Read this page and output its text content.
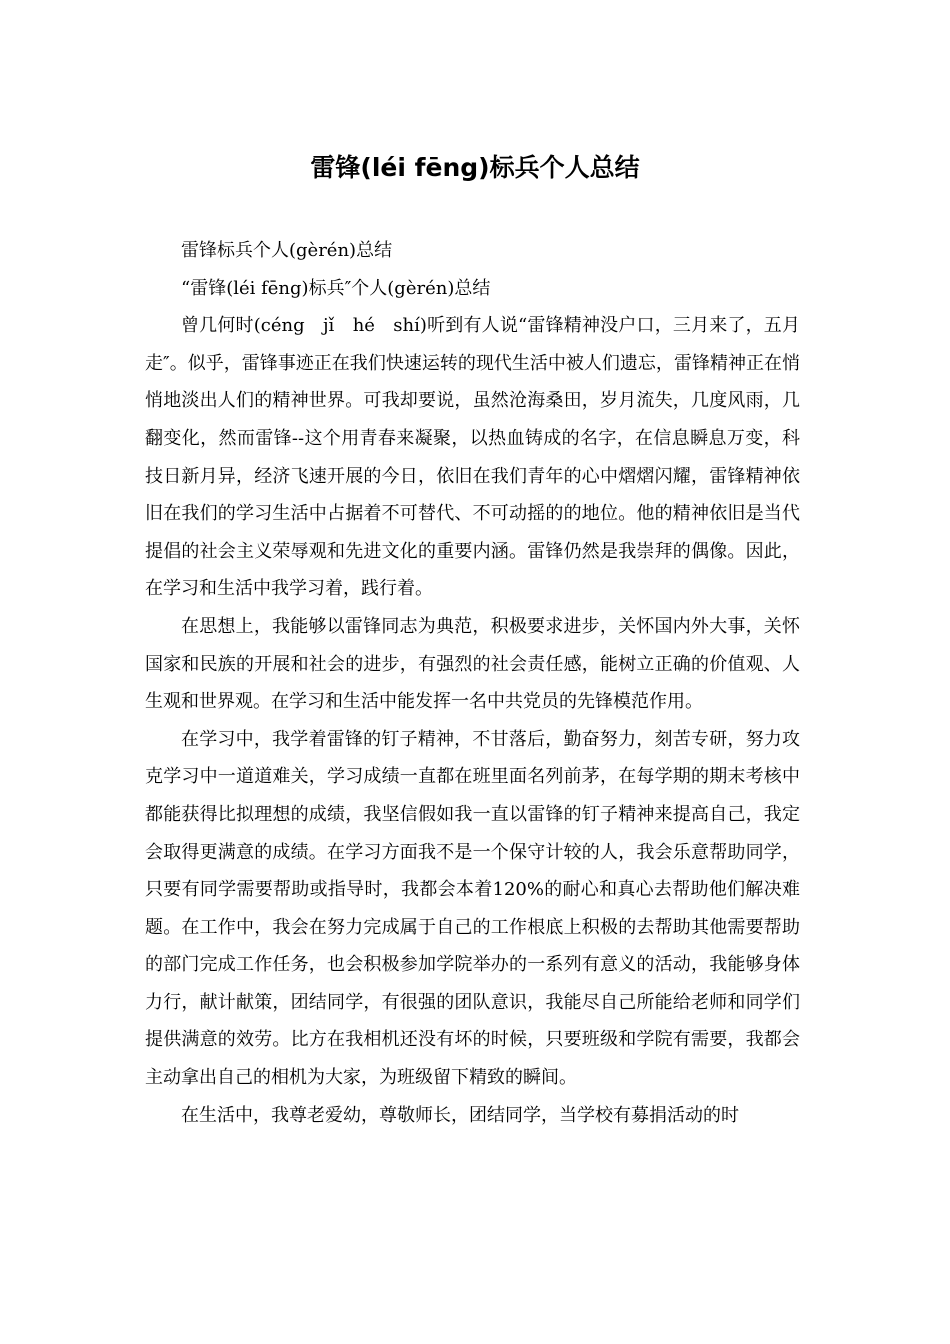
雷锋(léi fēng)标兵个人总结

雷锋标兵个人(gèrén)总结

“雷锋(léi fēng)标兵″个人(gèrén)总结

曾几何时(céng　jǐ　hé　shí)听到有人说“雷锋精神没户口，三月来了，五月走″。似乎，雷锋事迹正在我们快速运转的现代生活中被人们遗忘，雷锋精神正在悄悄地淡出人们的精神世界。可我却要说，虽然沧海桑田，岁月流失，几度风雨，几翻变化，然而雷锋--这个用青春来凝聚，以热血铸成的名字，在信息瞬息万变，科技日新月异，经济飞速开展的今日，依旧在我们青年的心中熠熠闪耀，雷锋精神依旧在我们的学习生活中占据着不可替代、不可动摇的的地位。他的精神依旧是当代提倡的社会主义荣辱观和先进文化的重要内涵。雷锋仍然是我崇拜的偶像。因此，在学习和生活中我学习着，践行着。

在思想上，我能够以雷锋同志为典范，积极要求进步，关怀国内外大事，关怀国家和民族的开展和社会的进步，有强烈的社会责任感，能树立正确的价值观、人生观和世界观。在学习和生活中能发挥一名中共党员的先锋模范作用。

在学习中，我学着雷锋的钉子精神，不甘落后，勤奋努力，刻苦专研，努力攻克学习中一道道难关，学习成绩一直都在班里面名列前茅，在每学期的期末考核中都能获得比拟理想的成绩，我坚信假如我一直以雷锋的钉子精神来提高自己，我定会取得更满意的成绩。在学习方面我不是一个保守计较的人，我会乐意帮助同学，只要有同学需要帮助或指导时，我都会本着120%的耐心和真心去帮助他们解决难题。在工作中，我会在努力完成属于自己的工作根底上积极的去帮助其他需要帮助的部门完成工作任务，也会积极参加学院举办的一系列有意义的活动，我能够身体力行，献计献策，团结同学，有很强的团队意识，我能尽自己所能给老师和同学们提供满意的效劳。比方在我相机还没有坏的时候，只要班级和学院有需要，我都会主动拿出自己的相机为大家，为班级留下精致的瞬间。

在生活中，我尊老爱幼，尊敬师长，团结同学，当学校有募捐活动的时
